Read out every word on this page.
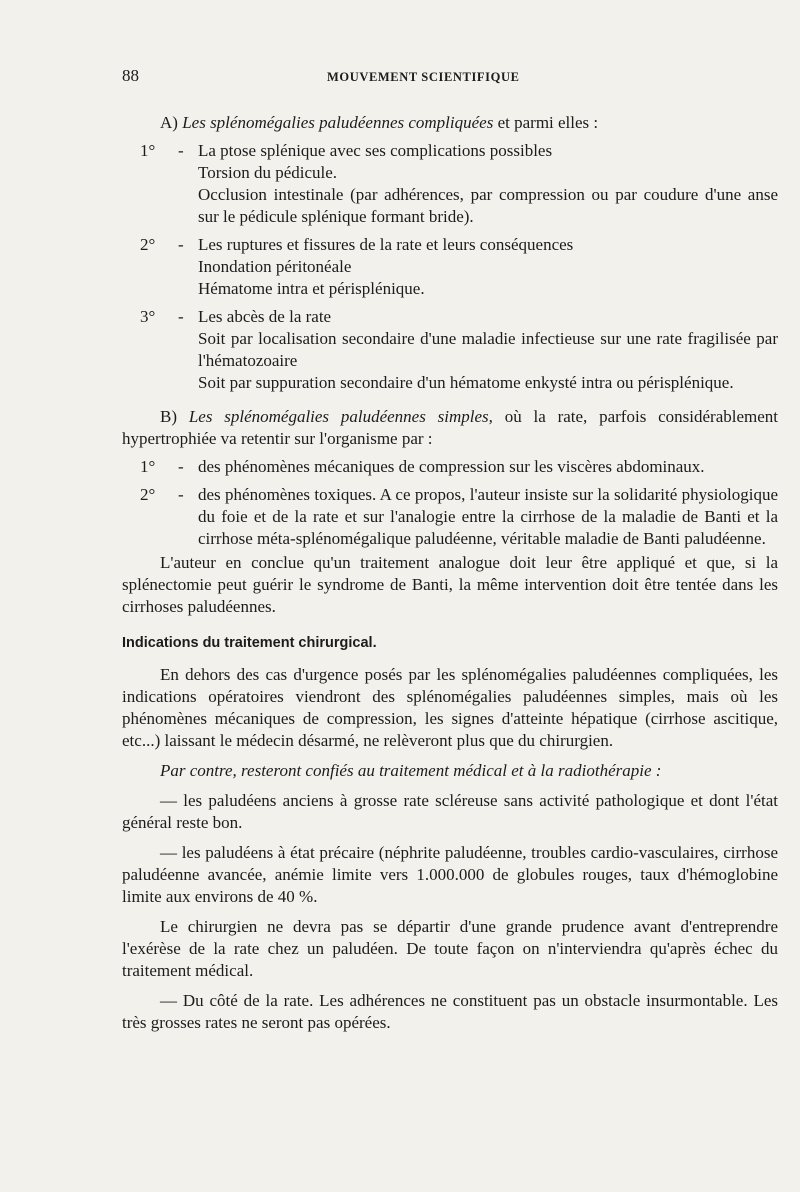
88	MOUVEMENT SCIENTIFIQUE

A) Les splénomégalies paludéennes compliquées et parmi elles :

1°	- La ptose splénique avec ses complications possibles
Torsion du pédicule.

Occlusion intestinale (par adhérences, par compression ou par coudure d'une anse sur le pédicule splénique formant bride).

2°	- Les ruptures et fissures de la rate et leurs conséquences
Inondation péritonéale
Hématome intra et périsplénique.
3°	- Les abcès de la rate

Soit par localisation secondaire d'une maladie infectieuse sur une rate fragilisée par l'hématozoaire

Soit par suppuration secondaire d'un hématome enkysté intra ou périsplénique.

B) Les splénomégalies paludéennes simples, où la rate, parfois considérablement hypertrophiée va retentir sur l'organisme par :

1°	- des phénomènes mécaniques de compression sur les viscères abdominaux.

2°	- des phénomènes toxiques. A ce propos, l'auteur insiste sur la solidarité physiologique du foie et de la rate et sur l'analogie entre la cirrhose de la maladie de Banti et la cirrhose méta-splénomégalique paludéenne, véritable maladie de Banti paludéenne.

L'auteur en conclue qu'un traitement analogue doit leur être appliqué et que, si la splénectomie peut guérir le syndrome de Banti, la même intervention doit être tentée dans les cirrhoses paludéennes.

Indications du traitement chirurgical.

En dehors des cas d'urgence posés par les splénomégalies paludéennes compliquées, les indications opératoires viendront des splénomégalies paludéennes simples, mais où les phénomènes mécaniques de compression, les signes d'atteinte hépatique (cirrhose ascitique, etc...) laissant le médecin désarmé, ne relèveront plus que du chirurgien.

Par contre, resteront confiés au traitement médical et à la radiothérapie :

— les paludéens anciens à grosse rate scléreuse sans activité pathologique et dont l'état général reste bon.

— les paludéens à état précaire (néphrite paludéenne, troubles cardio-vasculaires, cirrhose paludéenne avancée, anémie limite vers 1.000.000 de globules rouges, taux d'hémoglobine limite aux environs de 40 %.

Le chirurgien ne devra pas se départir d'une grande prudence avant d'entreprendre l'exérèse de la rate chez un paludéen. De toute façon on n'interviendra qu'après échec du traitement médical.

— Du côté de la rate. Les adhérences ne constituent pas un obstacle insurmontable. Les très grosses rates ne seront pas opérées.
